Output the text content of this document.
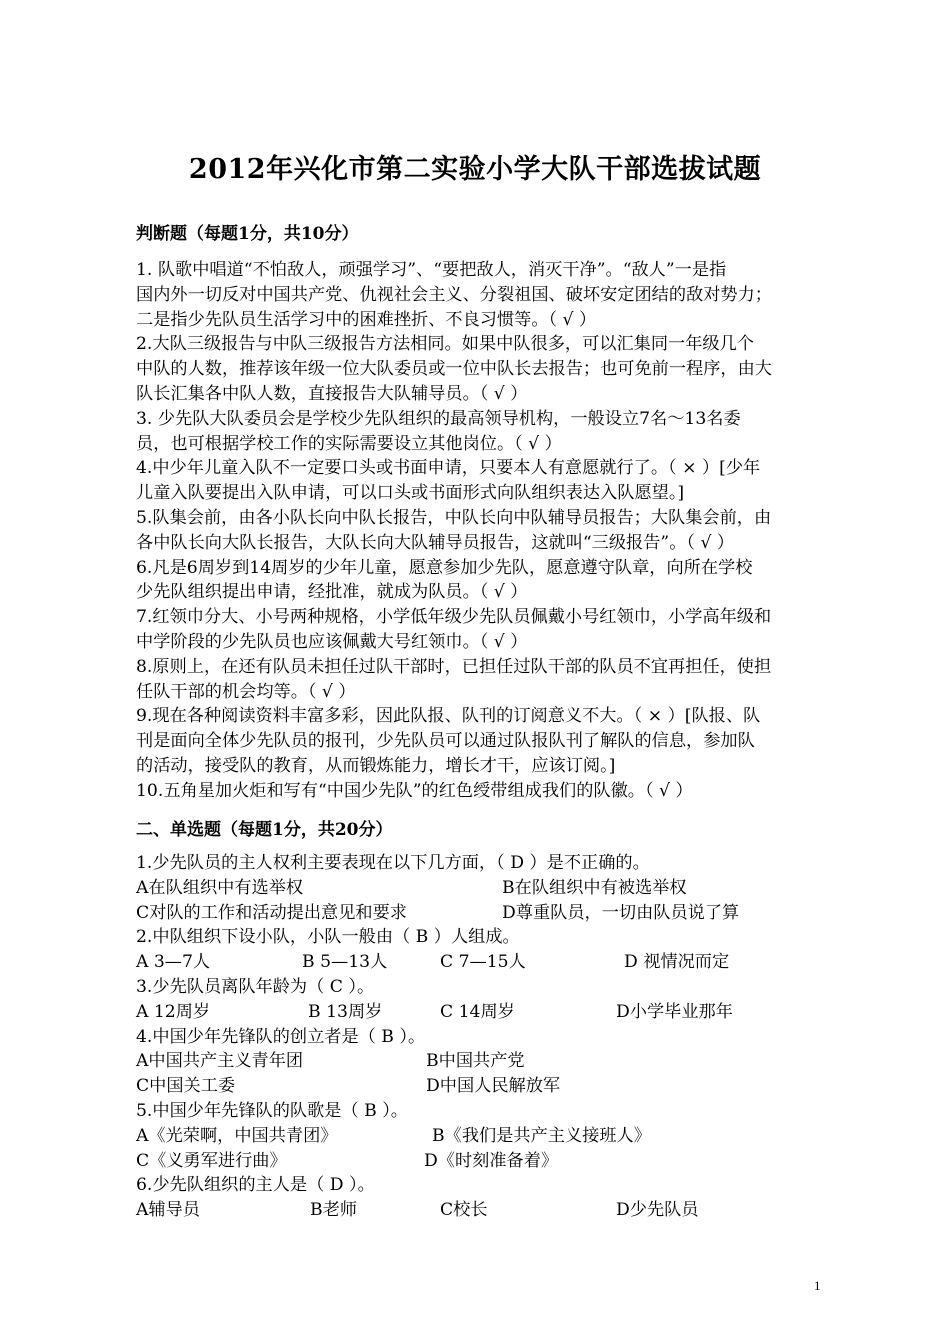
2012年兴化市第二实验小学大队干部选拔试题
判断题（每题1分，共10分）
1. 队歌中唱道“不怕敌人，顽强学习”、“要把敌人，消灭干净”。“敌人”一是指
国内外一切反对中国共产党、仇视社会主义、分裂祖国、破坏安定团结的敌对势力；
二是指少先队员生活学习中的困难挫折、不良习惯等。（ √ ）
2.大队三级报告与中队三级报告方法相同。如果中队很多，可以汇集同一年级几个
中队的人数，推荐该年级一位大队委员或一位中队长去报告；也可免前一程序，由大
队长汇集各中队人数，直接报告大队辅导员。（ √ ）
3. 少先队大队委员会是学校少先队组织的最高领导机构，一般设立7名～13名委
员，也可根据学校工作的实际需要设立其他岗位。（ √ ）
4.中少年儿童入队不一定要口头或书面申请，只要本人有意愿就行了。（ × ）[少年
儿童入队要提出入队申请，可以口头或书面形式向队组织表达入队愿望。]
5.队集会前，由各小队长向中队长报告，中队长向中队辅导员报告；大队集会前，由
各中队长向大队长报告，大队长向大队辅导员报告，这就叫“三级报告”。（ √ ）
6.凡是6周岁到14周岁的少年儿童，愿意参加少先队，愿意遵守队章，向所在学校
少先队组织提出申请，经批准，就成为队员。（ √ ）
7.红领巾分大、小号两种规格，小学低年级少先队员佩戴小号红领巾，小学高年级和
中学阶段的少先队员也应该佩戴大号红领巾。（ √ ）
8.原则上，在还有队员未担任过队干部时，已担任过队干部的队员不宜再担任，使担
任队干部的机会均等。（ √ ）
9.现在各种阅读资料丰富多彩，因此队报、队刊的订阅意义不大。（ × ）[队报、队
刊是面向全体少先队员的报刊，少先队员可以通过队报队刊了解队的信息，参加队
的活动，接受队的教育，从而锻炼能力，增长才干，应该订阅。]
10.五角星加火炬和写有“中国少先队”的红色绶带组成我们的队徽。（ √ ）
二、单选题（每题1分，共20分）
1.少先队员的主人权利主要表现在以下几方面，（ D ）是不正确的。
A在队组织中有选举权	B在队组织中有被选举权
C对队的工作和活动提出意见和要求	D尊重队员，一切由队员说了算
2.中队组织下设小队，小队一般由（ B ）人组成。
A 3—7人	B 5—13人	C 7—15人	D 视情况而定
3.少先队员离队年龄为（ C ）。
A 12周岁	B 13周岁	C 14周岁	D小学毕业那年
4.中国少年先锋队的创立者是（ B ）。
A中国共产主义青年团	B中国共产党
C中国关工委	D中国人民解放军
5.中国少年先锋队的队歌是（ B ）。
A《光荣啊，中国共青团》	B《我们是共产主义接班人》
C《义勇军进行曲》	D《时刻准备着》
6.少先队组织的主人是（ D ）。
A辅导员	B老师	C校长	D少先队员
1
